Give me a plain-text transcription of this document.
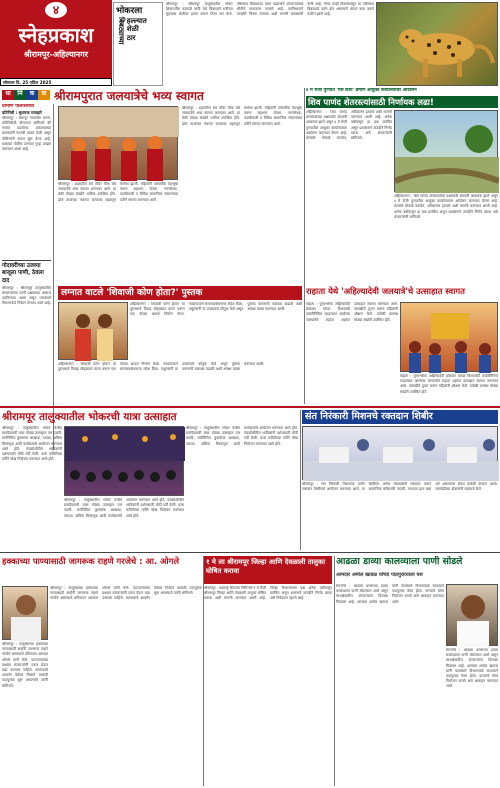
४
स्नेहप्रकाश
श्रीरामपूर-अहिल्यानगर
सोमवार दि. 25 एप्रिल 2025
भोकरला
बिबट्याच्या हल्ल्यात
शेळी
ठार
श्रीरामपूर : श्रीरामपूर तालुक्यातील भोकर शिवारातील वडांगळे वस्ती येथे बिबट्याने रात्रीच्या सुमारास शेळीवर हल्ला करून तिला ठार केले. परिसरात बिबट्याचा वावर वाढल्याने शेतकऱ्यांमध्ये भीतीचे वातावरण पसरले आहे. वनविभागाने तातडीने पिंजरा लावावा अशी मागणी ग्रामस्थांनी केली आहे. गेल्या काही दिवसांपासून या परिसरात बिबट्याचे दर्शन होत असल्याने शेतात काम करणे कठीण झाले आहे.
धा	र्मि	क	वा श्रीरामपुरात जलयात्रेचे भव्य स्वागत	४ मे रोजी पुण्यात 'पैस काय' प्रमाणे आयुक्त कार्यालयावर आंदोलन
शिव पाणंद शेतरस्त्यांसाठी निर्णायक लढा!
ग्रामीण पोलीसांच्या
प्रतिनिधी : सुधारक व्यवहारे
श्रीरामपूर : बेलापूर गावातील घटना. प्रतिनिधीशी बोलताना सांगितले की गावात घडलेल्या प्रकाराबाबत ग्रामस्थांनी नाराजी व्यक्त केली असून पोलिसांनी तपास सुरू केला आहे. याबाबत पोलीस ठाण्यात गुन्हा दाखल करण्यात आला आहे.
गोदावरीच्या उजव्या बाजूला पाणी, ठेवला दाद
श्रीरामपूर : श्रीरामपूर तालुक्यातील शेतकऱ्यांच्या पाणी प्रश्नाबाबत आवाज उठविण्यात आला असून पाटबंधारे विभागाकडे निवेदन देण्यात आले आहे.
श्रीरामपूर : शहरातील राम मंदिर चौक येथे जलयात्रेचे भव्य स्वागत करण्यात आले. या वेळी मोठ्या संख्येने भाविक उपस्थित होते. ढोल ताशांच्या गजरात जलयात्रा शहरातून मार्गस्थ झाली. महिलांनी पारंपारिक वेशभूषा करून सहभाग घेतला. नगरसेवक, पदाधिकारी व विविध सामाजिक संघटनांच्या वतीने स्वागत करण्यात आले.
श्रीरामपूर : शहरातील राम मंदिर चौक येथे जलयात्रेचे भव्य स्वागत करण्यात आले. या वेळी मोठ्या संख्येने भाविक उपस्थित होते. ढोल ताशांच्या गजरात जलयात्रा शहरातून मार्गस्थ झाली. महिलांनी पारंपारिक वेशभूषा करून सहभाग घेतला. नगरसेवक, पदाधिकारी व विविध सामाजिक संघटनांच्या वतीने स्वागत करण्यात आले.
अहिल्यानगर : शिव पाणंद शेतरस्त्यांच्या प्रश्नासाठी शेतकरी आक्रमक झाले असून ४ मे रोजी पुण्यातील आयुक्त कार्यालयावर आंदोलन करण्यात येणार आहे. शेतरस्ते मोकळे करावेत, अतिक्रमण हटवावे अशी मागणी करण्यात आली आहे. अनेक वर्षांपासून हा प्रश्न प्रलंबित असून प्रशासनाने तातडीने निर्णय घ्यावा असे शेतकऱ्यांनी सांगितले.
अहिल्यानगर : शिव पाणंद शेतरस्त्यांच्या प्रश्नासाठी शेतकरी आक्रमक झाले असून ४ मे रोजी पुण्यातील आयुक्त कार्यालयावर आंदोलन करण्यात येणार आहे. शेतरस्ते मोकळे करावेत, अतिक्रमण हटवावे अशी मागणी करण्यात आली आहे. अनेक वर्षांपासून हा प्रश्न प्रलंबित असून प्रशासनाने तातडीने निर्णय घ्यावा असे शेतकऱ्यांनी सांगितले.
लग्नात वाटले 'शिवाजी कोण होता?' पुस्तक	राहाता येथे 'अहिल्यादेवी जलयात्रे'चे उत्साहात स्वागत
अहिल्यानगर : शिवाजी कोण होता? या पुस्तकाचे विवाह सोहळ्यात वाटप करून एक वेगळा आदर्श निर्माण केला. नवदांपत्याने समाजप्रबोधनाचा संदेश दिला. पाहुण्यांनी या उपक्रमाचे कौतुक केले असून पुस्तक वाचनाची चळवळ वाढावी अशी अपेक्षा व्यक्त करण्यात आली.
अहिल्यानगर : शिवाजी कोण होता? या पुस्तकाचे विवाह सोहळ्यात वाटप करून एक वेगळा आदर्श निर्माण केला. नवदांपत्याने समाजप्रबोधनाचा संदेश दिला. पाहुण्यांनी या उपक्रमाचे कौतुक केले असून पुस्तक वाचनाची चळवळ वाढावी अशी अपेक्षा व्यक्त करण्यात आली.
राहाता : पुण्यश्लोक अहिल्यादेवी होळकर यांच्या त्रिशताब्दी जयंतीनिमित्त काढण्यात आलेल्या जलयात्रेचे राहाता शहरात उत्साहात स्वागत करण्यात आले. पालखीचे पूजन करून महिलांनी औक्षण केले. यावेळी ग्रामस्थ मोठ्या संख्येने उपस्थित होते.
राहाता : पुण्यश्लोक अहिल्यादेवी होळकर यांच्या त्रिशताब्दी जयंतीनिमित्त काढण्यात आलेल्या जलयात्रेचे राहाता शहरात उत्साहात स्वागत करण्यात आले. पालखीचे पूजन करून महिलांनी औक्षण केले. यावेळी ग्रामस्थ मोठ्या संख्येने उपस्थित होते.
श्रीरामपूर तालुक्यातील भोकरची यात्रा उत्साहात	संत निरंकारी मिशनचे रक्तदान शिबीर
श्रीरामपूर : तालुक्यातील भोकर येथील ग्रामदैवताची यात्रा मोठ्या उत्साहात पार पडली. यात्रेनिमित्त कुस्त्यांचा आखाडा, तमाशा, छबिना मिरवणूक आदी कार्यक्रमांचे आयोजन करण्यात आले होते. पंचक्रोशीतील भाविकांनी दर्शनासाठी मोठी गर्दी केली. यात्रा कमिटीच्या वतीने चोख नियोजन करण्यात आले होते.
श्रीरामपूर : तालुक्यातील भोकर येथील ग्रामदैवताची यात्रा मोठ्या उत्साहात पार पडली. यात्रेनिमित्त कुस्त्यांचा आखाडा, तमाशा, छबिना मिरवणूक आदी कार्यक्रमांचे आयोजन करण्यात आले होते. पंचक्रोशीतील भाविकांनी दर्शनासाठी मोठी गर्दी केली. यात्रा कमिटीच्या वतीने चोख नियोजन करण्यात आले होते.
श्रीरामपूर : तालुक्यातील भोकर येथील ग्रामदैवताची यात्रा मोठ्या उत्साहात पार पडली. यात्रेनिमित्त कुस्त्यांचा आखाडा, तमाशा, छबिना मिरवणूक आदी कार्यक्रमांचे आयोजन करण्यात आले होते. पंचक्रोशीतील भाविकांनी दर्शनासाठी मोठी गर्दी केली. यात्रा कमिटीच्या वतीने चोख नियोजन करण्यात आले होते.
श्रीरामपूर : संत निरंकारी मिशनच्या वतीने रक्तदान शिबीराचे आयोजन करण्यात आले. या शिबीरात अनेक सेवादारांनी रक्तदान करून सामाजिक बांधिलकी जपली. मानवता हाच खरा धर्म असल्याचा संदेश यावेळी देण्यात आला. रक्तपेढीच्या डॉक्टरांनी सहकार्य केले.
हक्काच्या पाण्यासाठी जागरूक राहणे गरजेचे : आ. ओगले	१ मे ला श्रीरामपूर जिल्हा आणि देवळाली तालुका घोषित करावा
आढळा डाव्या कालव्याला पाणी सोडले
आमदार अमोल खताळ यांच्या पाठपुराव्याला यश
श्रीरामपूर : तालुक्याच्या हक्काच्या पाण्यासाठी सर्वांनी जागरूक राहणे गरजेचे असल्याचे प्रतिपादन आमदार ओगले यांनी केले. पाटपाण्याच्या प्रश्नावर शेतकऱ्यांनी एकत्र येऊन लढा उभारला पाहिजे. कालव्याचे आवर्तन वेळेवर मिळावे यासाठी पाठपुरावा सुरू असल्याचे त्यांनी सांगितले.
श्रीरामपूर : तालुक्याच्या हक्काच्या पाण्यासाठी सर्वांनी जागरूक राहणे गरजेचे असल्याचे प्रतिपादन आमदार ओगले यांनी केले. पाटपाण्याच्या प्रश्नावर शेतकऱ्यांनी एकत्र येऊन लढा उभारला पाहिजे. कालव्याचे आवर्तन वेळेवर मिळावे यासाठी पाठपुरावा सुरू असल्याचे त्यांनी सांगितले.
श्रीरामपूर : महाराष्ट्र दिनाच्या निमित्ताने १ मे रोजी श्रीरामपूर जिल्हा आणि देवळाली तालुका घोषित करावा अशी मागणी करण्यात आली आहे. जिल्हा विभाजनाचा प्रश्न अनेक वर्षांपासून प्रलंबित असून शासनाने तातडीने निर्णय घ्यावा असे निवेदनात म्हटले आहे.
संगमनेर : आढळा धरणाच्या डाव्या कालव्याला पाणी सोडण्यात आले असून लाभक्षेत्रातील शेतकऱ्यांना दिलासा मिळाला आहे. आमदार अमोल खताळ यांनी पाटबंधारे विभागाकडे सातत्याने पाठपुरावा केला होता. पाण्याचे योग्य नियोजन करावे असे आवाहन करण्यात आले.
संगमनेर : आढळा धरणाच्या डाव्या कालव्याला पाणी सोडण्यात आले असून लाभक्षेत्रातील शेतकऱ्यांना दिलासा मिळाला आहे. आमदार अमोल खताळ यांनी पाटबंधारे विभागाकडे सातत्याने पाठपुरावा केला होता. पाण्याचे योग्य नियोजन करावे असे आवाहन करण्यात आले.
